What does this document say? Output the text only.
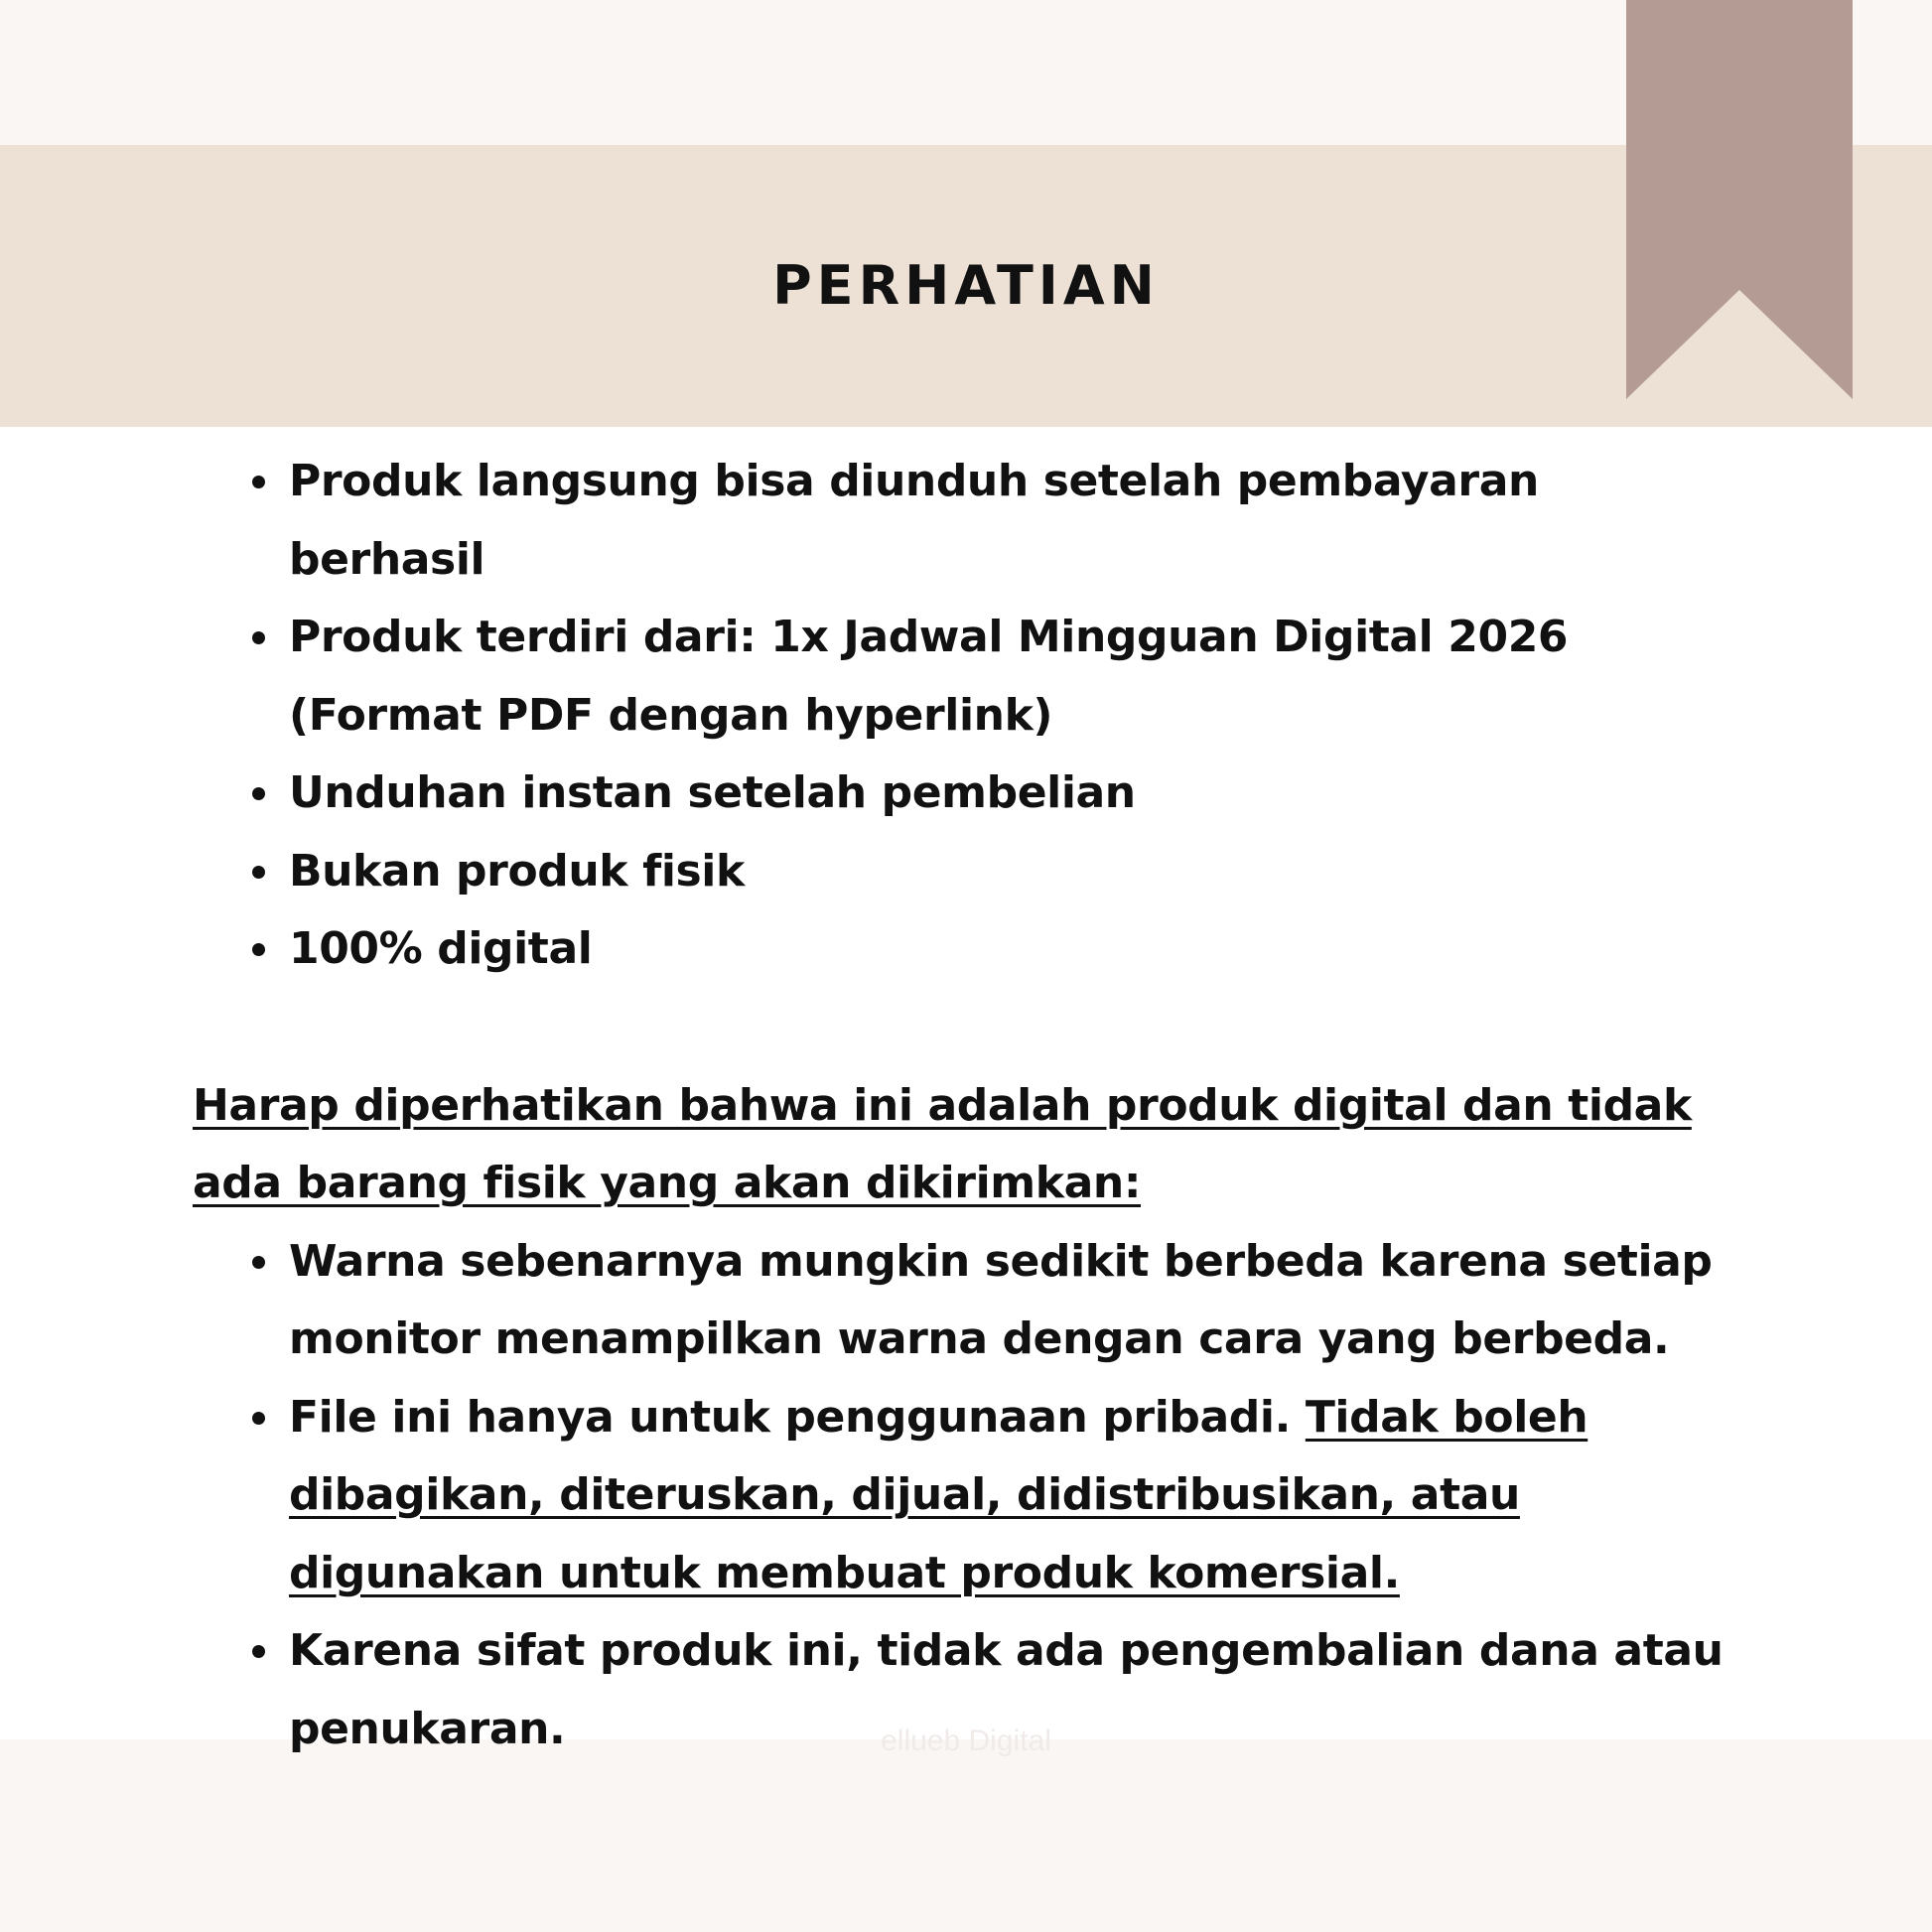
PERHATIAN
Produk langsung bisa diunduh setelah pembayaran berhasil
Produk terdiri dari: 1x Jadwal Mingguan Digital 2026 (Format PDF dengan hyperlink)
Unduhan instan setelah pembelian
Bukan produk fisik
100% digital
Harap diperhatikan bahwa ini adalah produk digital dan tidak ada barang fisik yang akan dikirimkan:
Warna sebenarnya mungkin sedikit berbeda karena setiap monitor menampilkan warna dengan cara yang berbeda.
File ini hanya untuk penggunaan pribadi. Tidak boleh dibagikan, diteruskan, dijual, didistribusikan, atau digunakan untuk membuat produk komersial.
Karena sifat produk ini, tidak ada pengembalian dana atau penukaran.	ellueb Digital
